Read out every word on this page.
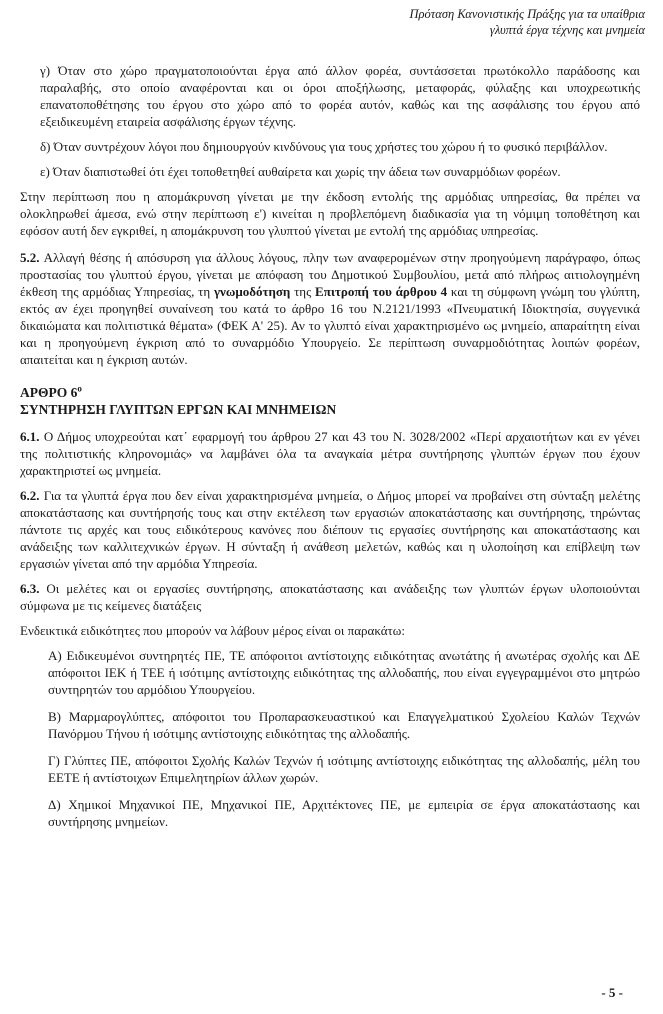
Πρόταση Κανονιστικής Πράξης για τα υπαίθρια
γλυπτά έργα τέχνης και μνημεία

γ) Όταν στο χώρο πραγματοποιούνται έργα από άλλον φορέα, συντάσσεται πρωτόκολλο παράδοσης και παραλαβής, στο οποίο αναφέρονται και οι όροι αποξήλωσης, μεταφοράς, φύλαξης και υποχρεωτικής επανατοποθέτησης του έργου στο χώρο από το φορέα αυτόν, καθώς και της ασφάλισης του έργου από εξειδικευμένη εταιρεία ασφάλισης έργων τέχνης.

δ) Όταν συντρέχουν λόγοι που δημιουργούν κινδύνους για τους χρήστες του χώρου ή το φυσικό περιβάλλον.

ε) Όταν διαπιστωθεί ότι έχει τοποθετηθεί αυθαίρετα και χωρίς την άδεια των συναρμόδιων φορέων.

Στην περίπτωση που η απομάκρυνση γίνεται με την έκδοση εντολής της αρμόδιας υπηρεσίας, θα πρέπει να ολοκληρωθεί άμεσα, ενώ στην περίπτωση ε') κινείται η προβλεπόμενη διαδικασία για τη νόμιμη τοποθέτηση και εφόσον αυτή δεν εγκριθεί, η απομάκρυνση του γλυπτού γίνεται με εντολή της αρμόδιας υπηρεσίας.

5.2. Αλλαγή θέσης ή απόσυρση για άλλους λόγους, πλην των αναφερομένων στην προηγούμενη παράγραφο, όπως προστασίας του γλυπτού έργου, γίνεται με απόφαση του Δημοτικού Συμβουλίου, μετά από πλήρως αιτιολογημένη έκθεση της αρμόδιας Υπηρεσίας, τη γνωμοδότηση της Επιτροπή του άρθρου 4 και τη σύμφωνη γνώμη του γλύπτη, εκτός αν έχει προηγηθεί συναίνεση του κατά το άρθρο 16 του Ν.2121/1993 «Πνευματική Ιδιοκτησία, συγγενικά δικαιώματα και πολιτιστικά θέματα» (ΦΕΚ Α' 25). Αν το γλυπτό είναι χαρακτηρισμένο ως μνημείο, απαραίτητη είναι και η προηγούμενη έγκριση από το συναρμόδιο Υπουργείο. Σε περίπτωση συναρμοδιότητας λοιπών φορέων, απαιτείται και η έγκριση αυτών.

ΑΡΘΡΟ $6^o$

ΣΥΝΤΗΡΗΣΗ ΓΛΥΠΤΩΝ ΕΡΓΩΝ ΚΑΙ ΜΝΗΜΕΙΩΝ

6.1. Ο Δήμος υποχρεούται κατ΄ εφαρμογή του άρθρου 27 και 43 του Ν. 3028/2002 «Περί αρχαιοτήτων και εν γένει της πολιτιστικής κληρονομιάς» να λαμβάνει όλα τα αναγκαία μέτρα συντήρησης γλυπτών έργων που έχουν χαρακτηριστεί ως μνημεία.

6.2. Για τα γλυπτά έργα που δεν είναι χαρακτηρισμένα μνημεία, ο Δήμος μπορεί να προβαίνει στη σύνταξη μελέτης αποκατάστασης και συντήρησής τους και στην εκτέλεση των εργασιών αποκατάστασης και συντήρησης, τηρώντας πάντοτε τις αρχές και τους ειδικότερους κανόνες που διέπουν τις εργασίες συντήρησης και αποκατάστασης και ανάδειξης των καλλιτεχνικών έργων. Η σύνταξη ή ανάθεση μελετών, καθώς και η υλοποίηση και επίβλεψη των εργασιών γίνεται από την αρμόδια Υπηρεσία.

6.3. Οι μελέτες και οι εργασίες συντήρησης, αποκατάστασης και ανάδειξης των γλυπτών έργων υλοποιούνται σύμφωνα με τις κείμενες διατάξεις

Ενδεικτικά ειδικότητες που μπορούν να λάβουν μέρος είναι οι παρακάτω:

Α) Ειδικευμένοι συντηρητές ΠΕ, ΤΕ απόφοιτοι αντίστοιχης ειδικότητας ανωτάτης ή ανωτέρας σχολής και ΔΕ απόφοιτοι ΙΕΚ ή ΤΕΕ ή ισότιμης αντίστοιχης ειδικότητας της αλλοδαπής, που είναι εγγεγραμμένοι στο μητρώο συντηρητών του αρμόδιου Υπουργείου.

Β) Μαρμαρογλύπτες, απόφοιτοι του Προπαρασκευαστικού και Επαγγελματικού Σχολείου Καλών Τεχνών Πανόρμου Τήνου ή ισότιμης αντίστοιχης ειδικότητας της αλλοδαπής.

Γ) Γλύπτες ΠΕ, απόφοιτοι Σχολής Καλών Τεχνών ή ισότιμης αντίστοιχης ειδικότητας της αλλοδαπής, μέλη του ΕΕΤΕ ή αντίστοιχων Επιμελητηρίων άλλων χωρών.

Δ) Χημικοί Μηχανικοί ΠΕ, Μηχανικοί ΠΕ, Αρχιτέκτονες ΠΕ, με εμπειρία σε έργα αποκατάστασης και συντήρησης μνημείων.

- 5 -
